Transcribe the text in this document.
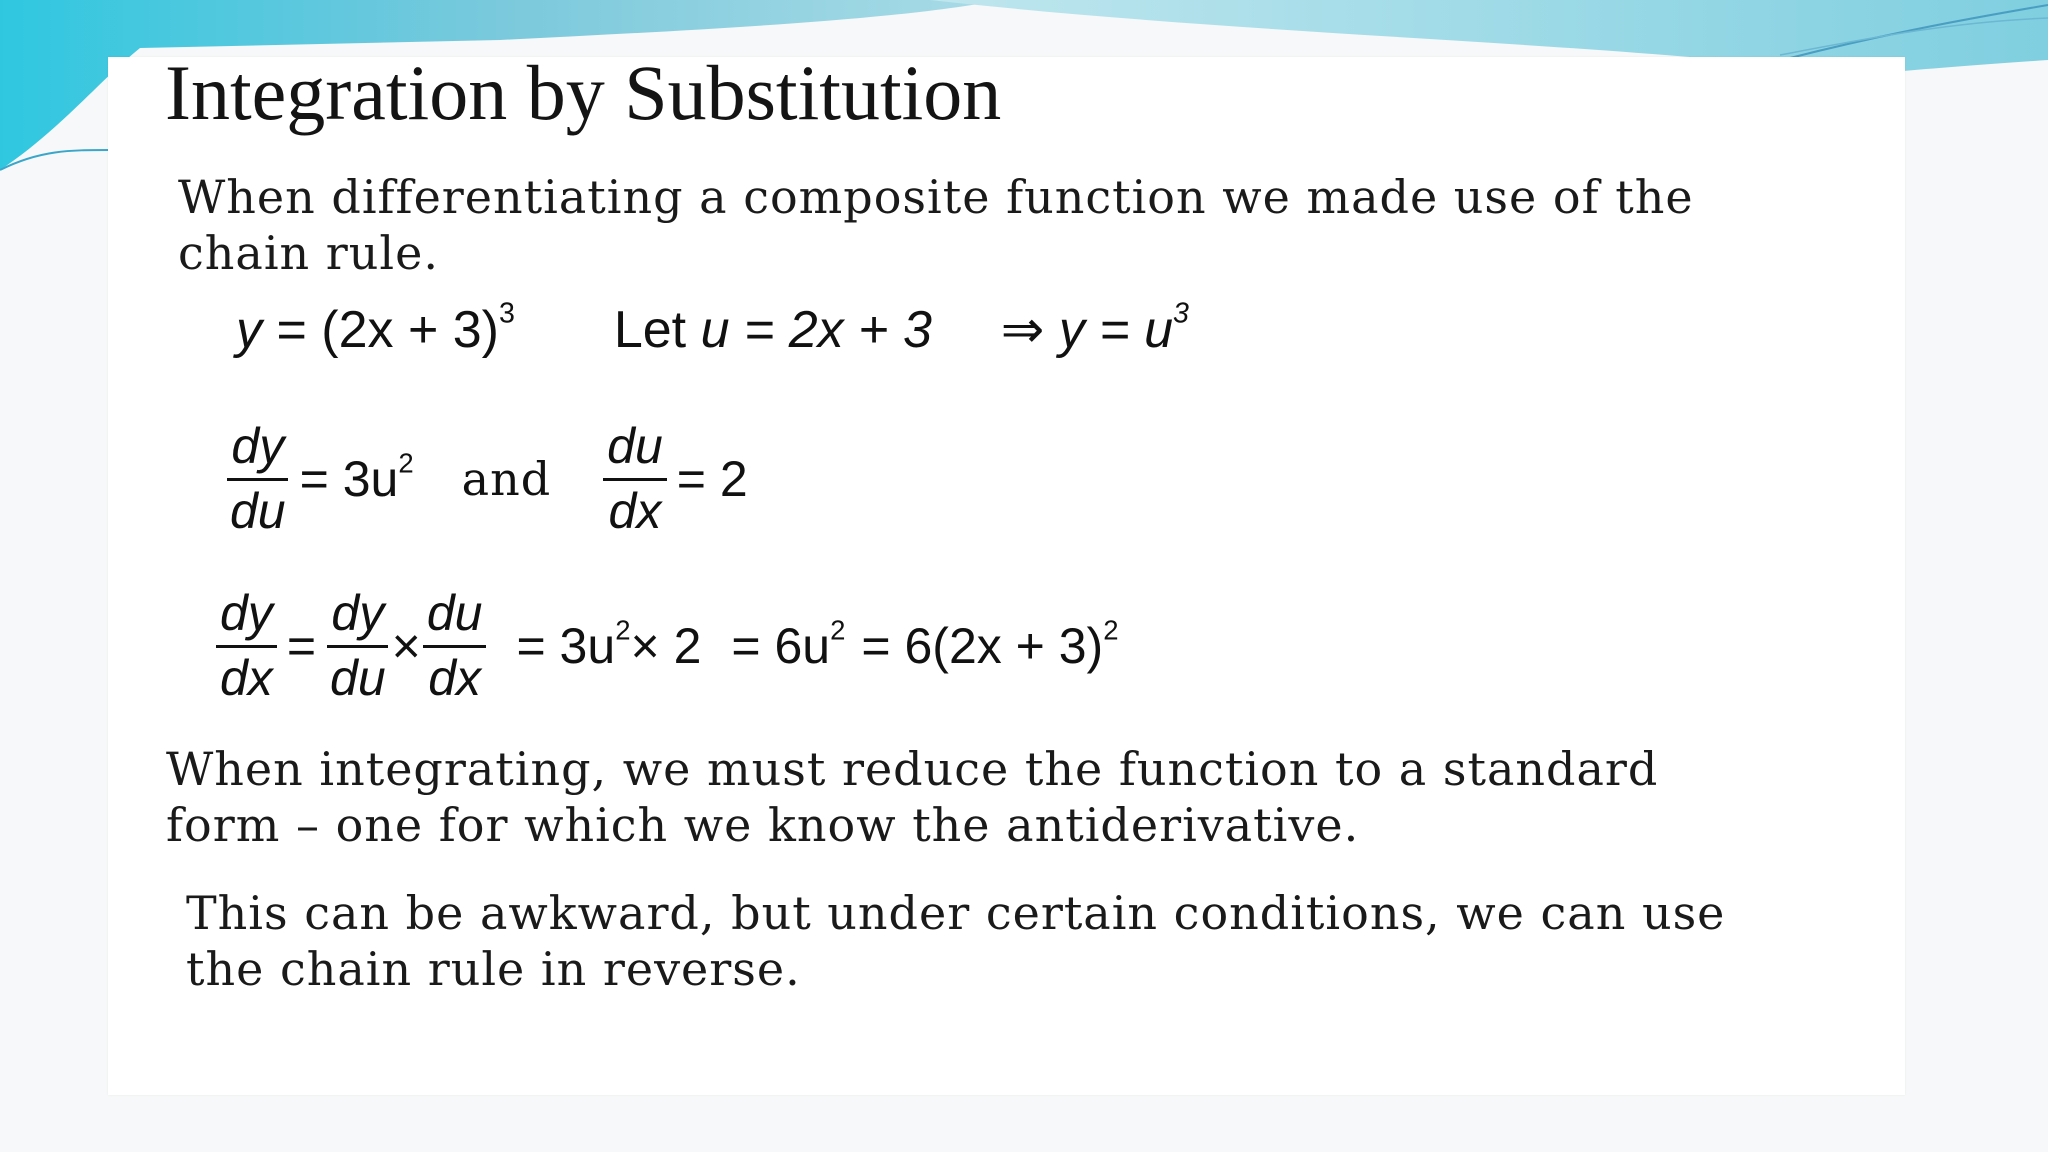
Integration by Substitution
When differentiating a composite function we made use of the
chain rule.
$y = (2x + 3)^3$ Let u = 2x + 3 ⇒ $y = u^3$
$\frac{dy}{du} = 3u^2$ and $\frac{du}{dx} = 2$
$\frac{dy}{dx} = \frac{dy}{du} \times \frac{du}{dx} = 3u^2\times 2 = 6u^2 = 6(2x + 3)^2$
When integrating, we must reduce the function to a standard
form – one for which we know the antiderivative.
This can be awkward, but under certain conditions, we can use
the chain rule in reverse.
